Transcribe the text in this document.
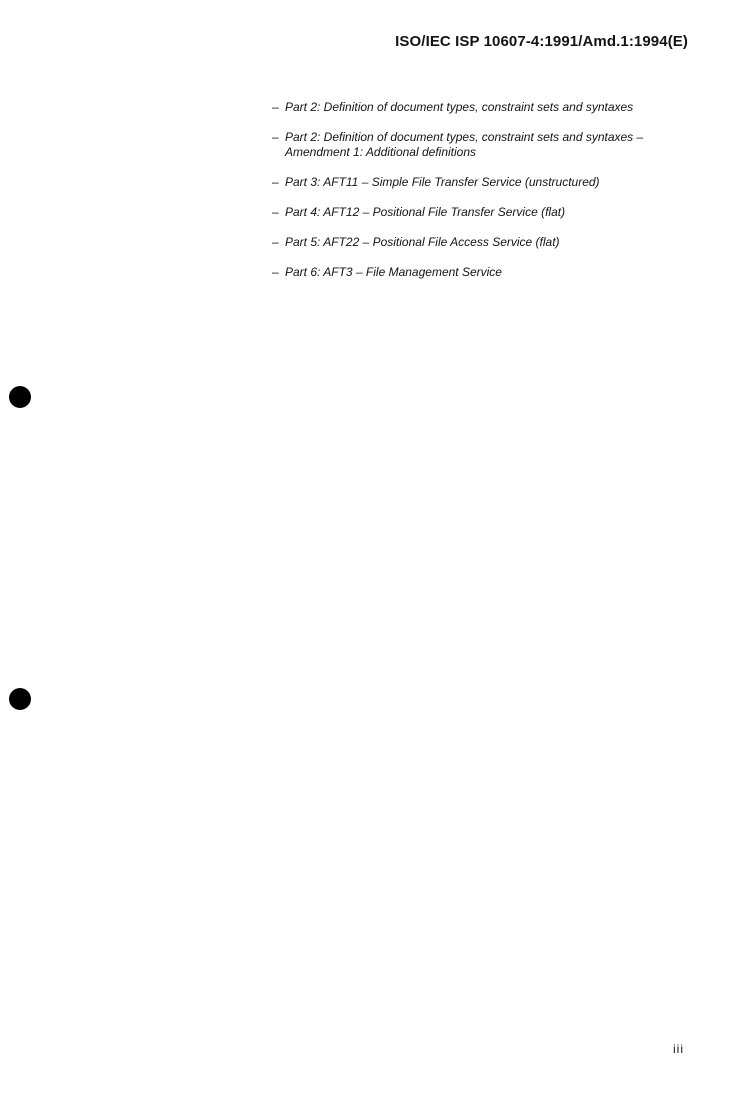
ISO/IEC ISP 10607-4:1991/Amd.1:1994(E)
– Part 2: Definition of document types, constraint sets and syntaxes
– Part 2: Definition of document types, constraint sets and syntaxes –
Amendment 1: Additional definitions
– Part 3: AFT11 – Simple File Transfer Service (unstructured)
– Part 4: AFT12 – Positional File Transfer Service (flat)
– Part 5: AFT22 – Positional File Access Service (flat)
– Part 6: AFT3 – File Management Service
iii
